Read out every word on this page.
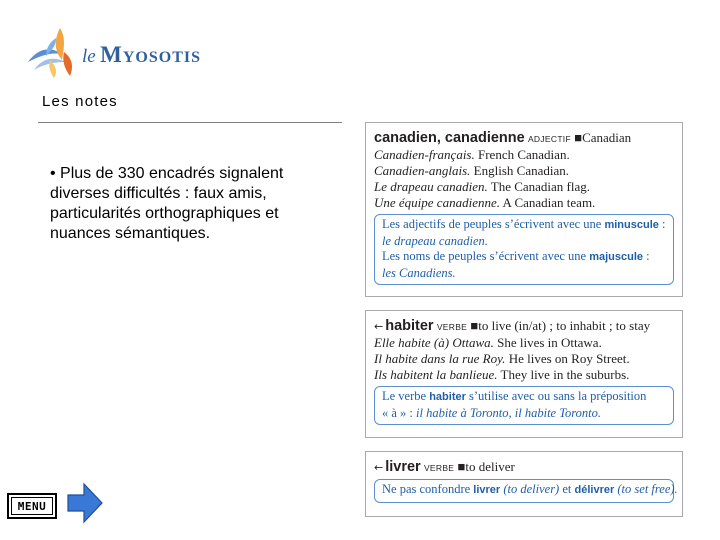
le Myosotis
Les notes
• Plus de 330 encadrés signalent diverses difficultés : faux amis, particularités orthographiques et nuances sémantiques.
canadien, canadienne ADJECTIF ■Canadian
Canadien-français. French Canadian.
Canadien-anglais. English Canadian.
Le drapeau canadien. The Canadian flag.
Une équipe canadienne. A Canadian team.
Les adjectifs de peuples s’écrivent avec une minuscule :
le drapeau canadien.
Les noms de peuples s’écrivent avec une majuscule :
les Canadiens.
← habiter VERBE ■to live (in/at) ; to inhabit ; to stay
Elle habite (à) Ottawa. She lives in Ottawa.
Il habite dans la rue Roy. He lives on Roy Street.
Ils habitent la banlieue. They live in the suburbs.
Le verbe habiter s’utilise avec ou sans la préposition
« à » : il habite à Toronto, il habite Toronto.
← livrer VERBE ■to deliver
Ne pas confondre livrer (to deliver) et délivrer (to set free).
MENU
